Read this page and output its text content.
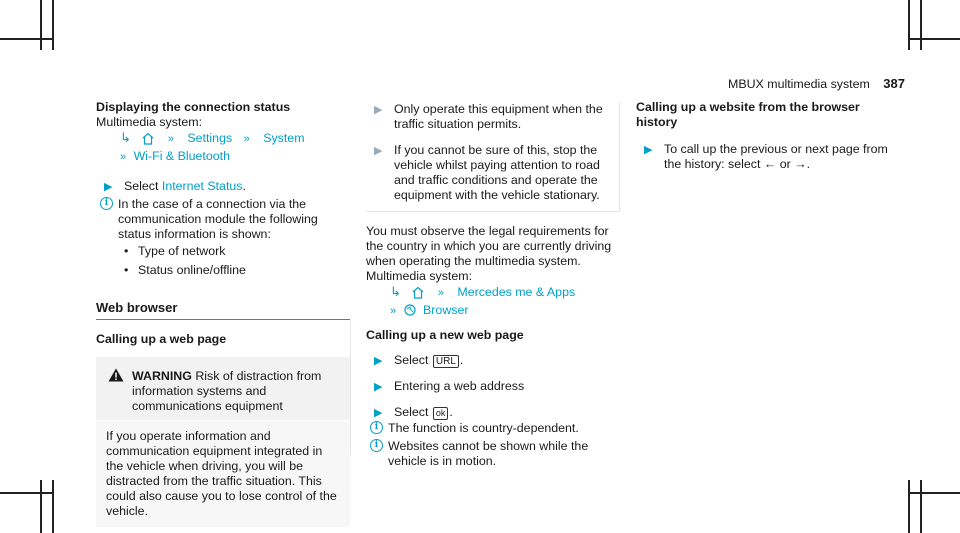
MBUX multimedia system 387
Displaying the connection status
Multimedia system:
↳	» Settings » System
» Wi-Fi & Bluetooth
▶ Select Internet Status.
i In the case of a connection via the communication module the following status information is shown:
• Type of network
• Status online/offline
Web browser
Calling up a web page
WARNING Risk of distraction from information systems and communications equipment
If you operate information and communication equipment integrated in the vehicle when driving, you will be distracted from the traffic situation. This could also cause you to lose control of the vehicle.
▶ Only operate this equipment when the traffic situation permits.
▶ If you cannot be sure of this, stop the vehicle whilst paying attention to road and traffic conditions and operate the equipment with the vehicle stationary.

You must observe the legal requirements for the country in which you are currently driving when operating the multimedia system.

Multimedia system:
↳	» Mercedes me & Apps
» Browser
Calling up a new web page
▶ Select URL .
▶ Entering a web address
▶ Select ok .
i The function is country-dependent.
i Websites cannot be shown while the vehicle is in motion.
Calling up a website from the browser history
▶ To call up the previous or next page from the history: select ← or →.
